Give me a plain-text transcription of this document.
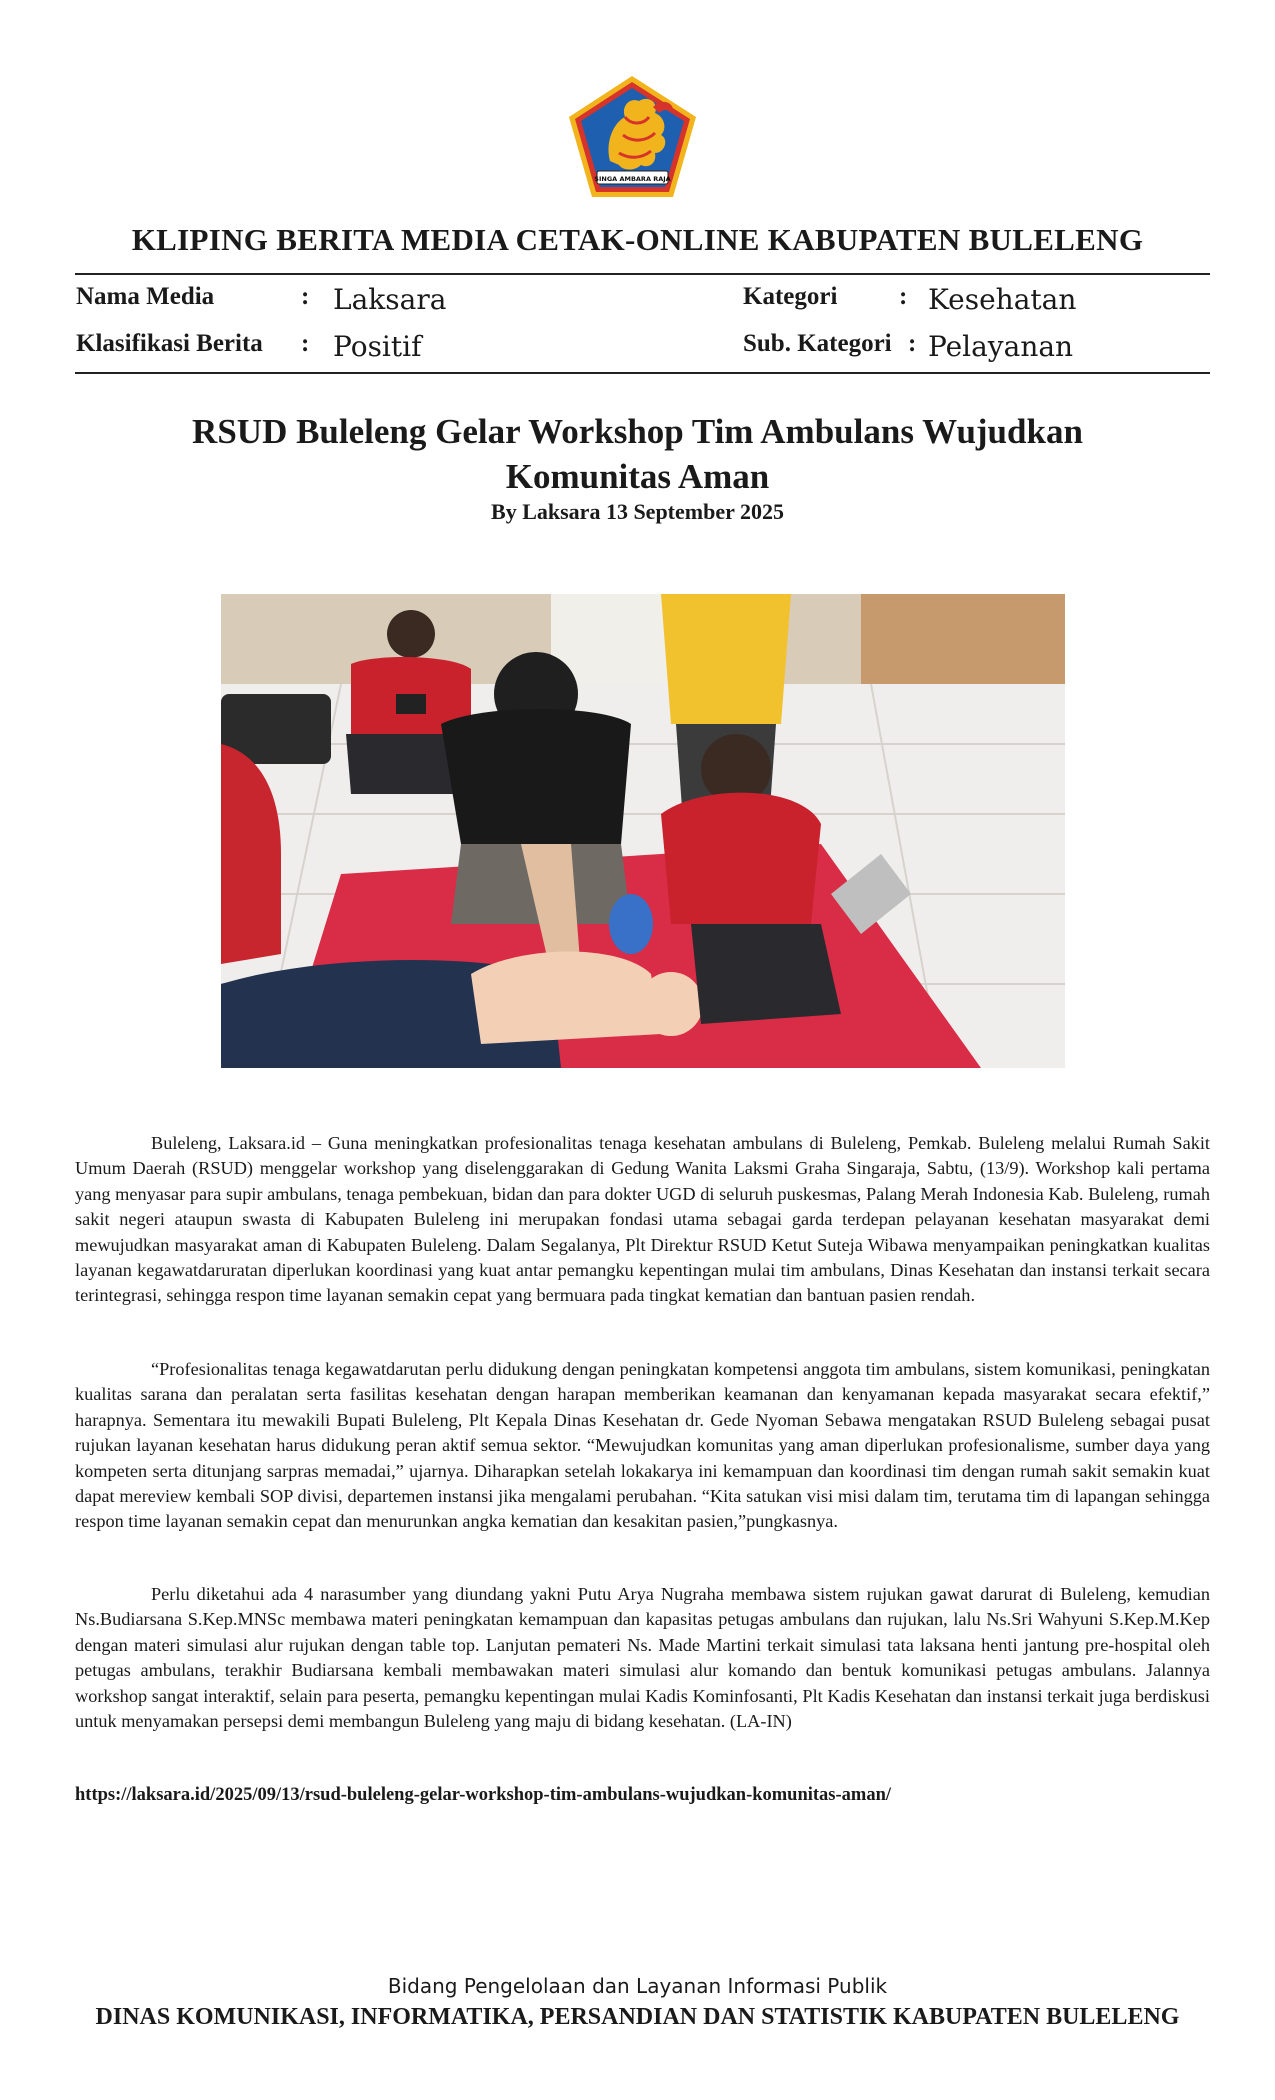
SINGA AMBARA RAJA
KLIPING BERITA MEDIA CETAK-ONLINE KABUPATEN BULELENG
Nama Media	: Laksara
Klasifikasi Berita : Positif
Kategori : Kesehatan
Sub. Kategori : Pelayanan
RSUD Buleleng Gelar Workshop Tim Ambulans Wujudkan
Komunitas Aman
By Laksara 13 September 2025

Buleleng, Laksara.id – Guna meningkatkan profesionalitas tenaga kesehatan ambulans di Buleleng, Pemkab. Buleleng melalui Rumah Sakit Umum Daerah (RSUD) menggelar workshop yang diselenggarakan di Gedung Wanita Laksmi Graha Singaraja, Sabtu, (13/9). Workshop kali pertama yang menyasar para supir ambulans, tenaga pembekuan, bidan dan para dokter UGD di seluruh puskesmas, Palang Merah Indonesia Kab. Buleleng, rumah sakit negeri ataupun swasta di Kabupaten Buleleng ini merupakan fondasi utama sebagai garda terdepan pelayanan kesehatan masyarakat demi mewujudkan masyarakat aman di Kabupaten Buleleng. Dalam Segalanya, Plt Direktur RSUD Ketut Suteja Wibawa menyampaikan peningkatkan kualitas layanan kegawatdaruratan diperlukan koordinasi yang kuat antar pemangku kepentingan mulai tim ambulans, Dinas Kesehatan dan instansi terkait secara terintegrasi, sehingga respon time layanan semakin cepat yang bermuara pada tingkat kematian dan bantuan pasien rendah.

“Profesionalitas tenaga kegawatdarutan perlu didukung dengan peningkatan kompetensi anggota tim ambulans, sistem komunikasi, peningkatan kualitas sarana dan peralatan serta fasilitas kesehatan dengan harapan memberikan keamanan dan kenyamanan kepada masyarakat secara efektif,” harapnya. Sementara itu mewakili Bupati Buleleng, Plt Kepala Dinas Kesehatan dr. Gede Nyoman Sebawa mengatakan RSUD Buleleng sebagai pusat rujukan layanan kesehatan harus didukung peran aktif semua sektor. “Mewujudkan komunitas yang aman diperlukan profesionalisme, sumber daya yang kompeten serta ditunjang sarpras memadai,” ujarnya. Diharapkan setelah lokakarya ini kemampuan dan koordinasi tim dengan rumah sakit semakin kuat dapat mereview kembali SOP divisi, departemen instansi jika mengalami perubahan. “Kita satukan visi misi dalam tim, terutama tim di lapangan sehingga respon time layanan semakin cepat dan menurunkan angka kematian dan kesakitan pasien,”pungkasnya.

Perlu diketahui ada 4 narasumber yang diundang yakni Putu Arya Nugraha membawa sistem rujukan gawat darurat di Buleleng, kemudian Ns.Budiarsana S.Kep.MNSc membawa materi peningkatan kemampuan dan kapasitas petugas ambulans dan rujukan, lalu Ns.Sri Wahyuni S.Kep.M.Kep dengan materi simulasi alur rujukan dengan table top. Lanjutan pemateri Ns. Made Martini terkait simulasi tata laksana henti jantung pre-hospital oleh petugas ambulans, terakhir Budiarsana kembali membawakan materi simulasi alur komando dan bentuk komunikasi petugas ambulans. Jalannya workshop sangat interaktif, selain para peserta, pemangku kepentingan mulai Kadis Kominfosanti, Plt Kadis Kesehatan dan instansi terkait juga berdiskusi untuk menyamakan persepsi demi membangun Buleleng yang maju di bidang kesehatan. (LA-IN)

https://laksara.id/2025/09/13/rsud-buleleng-gelar-workshop-tim-ambulans-wujudkan-komunitas-aman/
Bidang Pengelolaan dan Layanan Informasi Publik
DINAS KOMUNIKASI, INFORMATIKA, PERSANDIAN DAN STATISTIK KABUPATEN BULELENG
